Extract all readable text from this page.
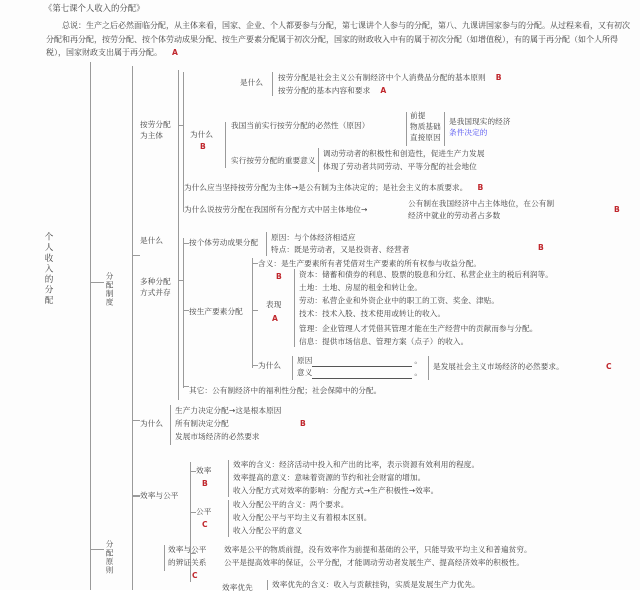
《第七课个人收入的分配》
总说：生产之后必然面临分配，从主体来看，国家、企业、个人都要参与分配，第七课讲个人参与的分配，第八、九课讲国家参与的分配。从过程来看，又有初次分配和再分配，按劳分配、按个体劳动成果分配、按生产要素分配属于初次分配，国家的财政收入中有的属于初次分配（如增值税），有的属于再分配（如个人所得税），国家财政支出属于再分配。 A
个人收入的分配	分配制度
是什么
按劳分配
为主体
是什么
按劳分配是社会主义公有制经济中个人消费品分配的基本原则 B
按劳分配的基本内容和要求 A
为什么
B
我国当前实行按劳分配的必然性（原因）
前提
物质基础
直接原因
是我国现实的经济
条件决定的
实行按劳分配的重要意义
调动劳动者的积极性和创造性，促进生产力发展
体现了劳动者共同劳动、平等分配的社会地位
为什么应当坚持按劳分配为主体→是公有制为主体决定的；是社会主义的本质要求。 B
为什么说按劳分配在我国所有分配方式中居主体地位→
公有制在我国经济中占主体地位，在公有制
经济中就业的劳动者占多数
B
多种分配
方式并存
按个体劳动成果分配
原因：与个体经济相适应
特点：既是劳动者，又是投资者、经营者	B
按生产要素分配
含义：是生产要素所有者凭借对生产要素的所有权参与收益分配。
B
表现
A
资本：储蓄和债券的利息、股票的股息和分红、私营企业主的税后利润等。
土地：土地、房屋的租金和转让金。
劳动：私营企业和外资企业中的职工的工资、奖金、津贴。
技术：技术入股、技术使用或转让的收入。
管理：企业管理人才凭借其管理才能在生产经营中的贡献而参与分配。
信息：提供市场信息、管理方案（点子）的收入。
为什么
原因	。
意义	。
是发展社会主义市场经济的必然要求。	C
其它：公有制经济中的福利性分配；社会保障中的分配。
为什么
生产力决定分配→这是根本原因
所有制决定分配
发展市场经济的必然要求
B
分配原则
效率与公平
效率
B
效率的含义：经济活动中投入和产出的比率，表示资源有效利用的程度。
效率提高的意义：意味着资源的节约和社会财富的增加。
收入分配方式对效率的影响：分配方式→生产积极性→效率。
公平
C
收入分配公平的含义：两个要求。
收入分配公平与平均主义有着根本区别。
收入分配公平的意义
效率与公平
的辨证关系
效率是公平的物质前提，没有效率作为前提和基础的公平，只能导致平均主义和普遍贫穷。
公平是提高效率的保证，公平分配，才能调动劳动者发展生产、提高经济效率的积极性。
C
效率优先	效率优先的含义：收入与贡献挂钩，实质是发展生产力优先。
